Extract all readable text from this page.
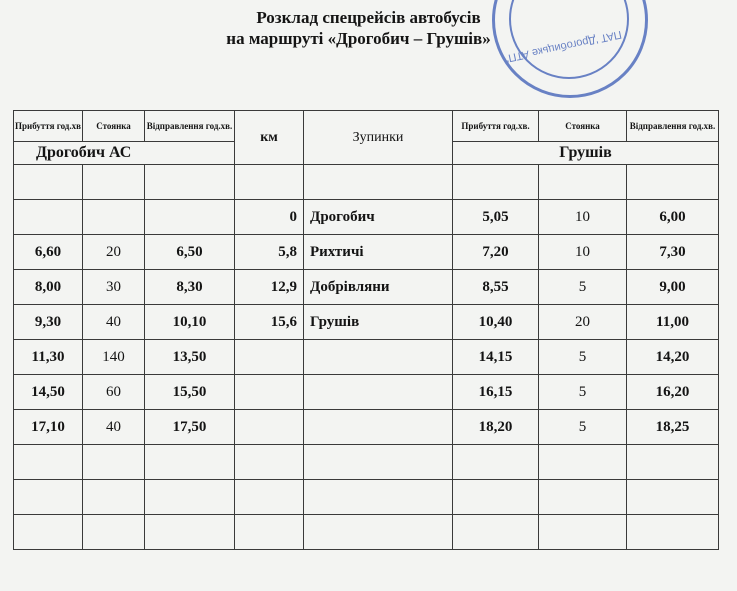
ПАТ 'Дрогобицьке АТП'
Розклад спецрейсів автобусів
на маршруті «Дрогобич – Грушів»
Прибуття год.хв	Стоянка	Відправлення год.хв.	км	Зупинки	Прибуття год.хв.	Стоянка	Відправлення год.хв.
Дрогобич АС					Грушів		

			0	Дрогобич	5,05	10	6,00
6,60	20	6,50	5,8	Рихтичі	7,20	10	7,30
8,00	30	8,30	12,9	Добрівляни	8,55	5	9,00
9,30	40	10,10	15,6	Грушів	10,40	20	11,00
11,30	140	13,50			14,15	5	14,20
14,50	60	15,50			16,15	5	16,20
17,10	40	17,50			18,20	5	18,25
